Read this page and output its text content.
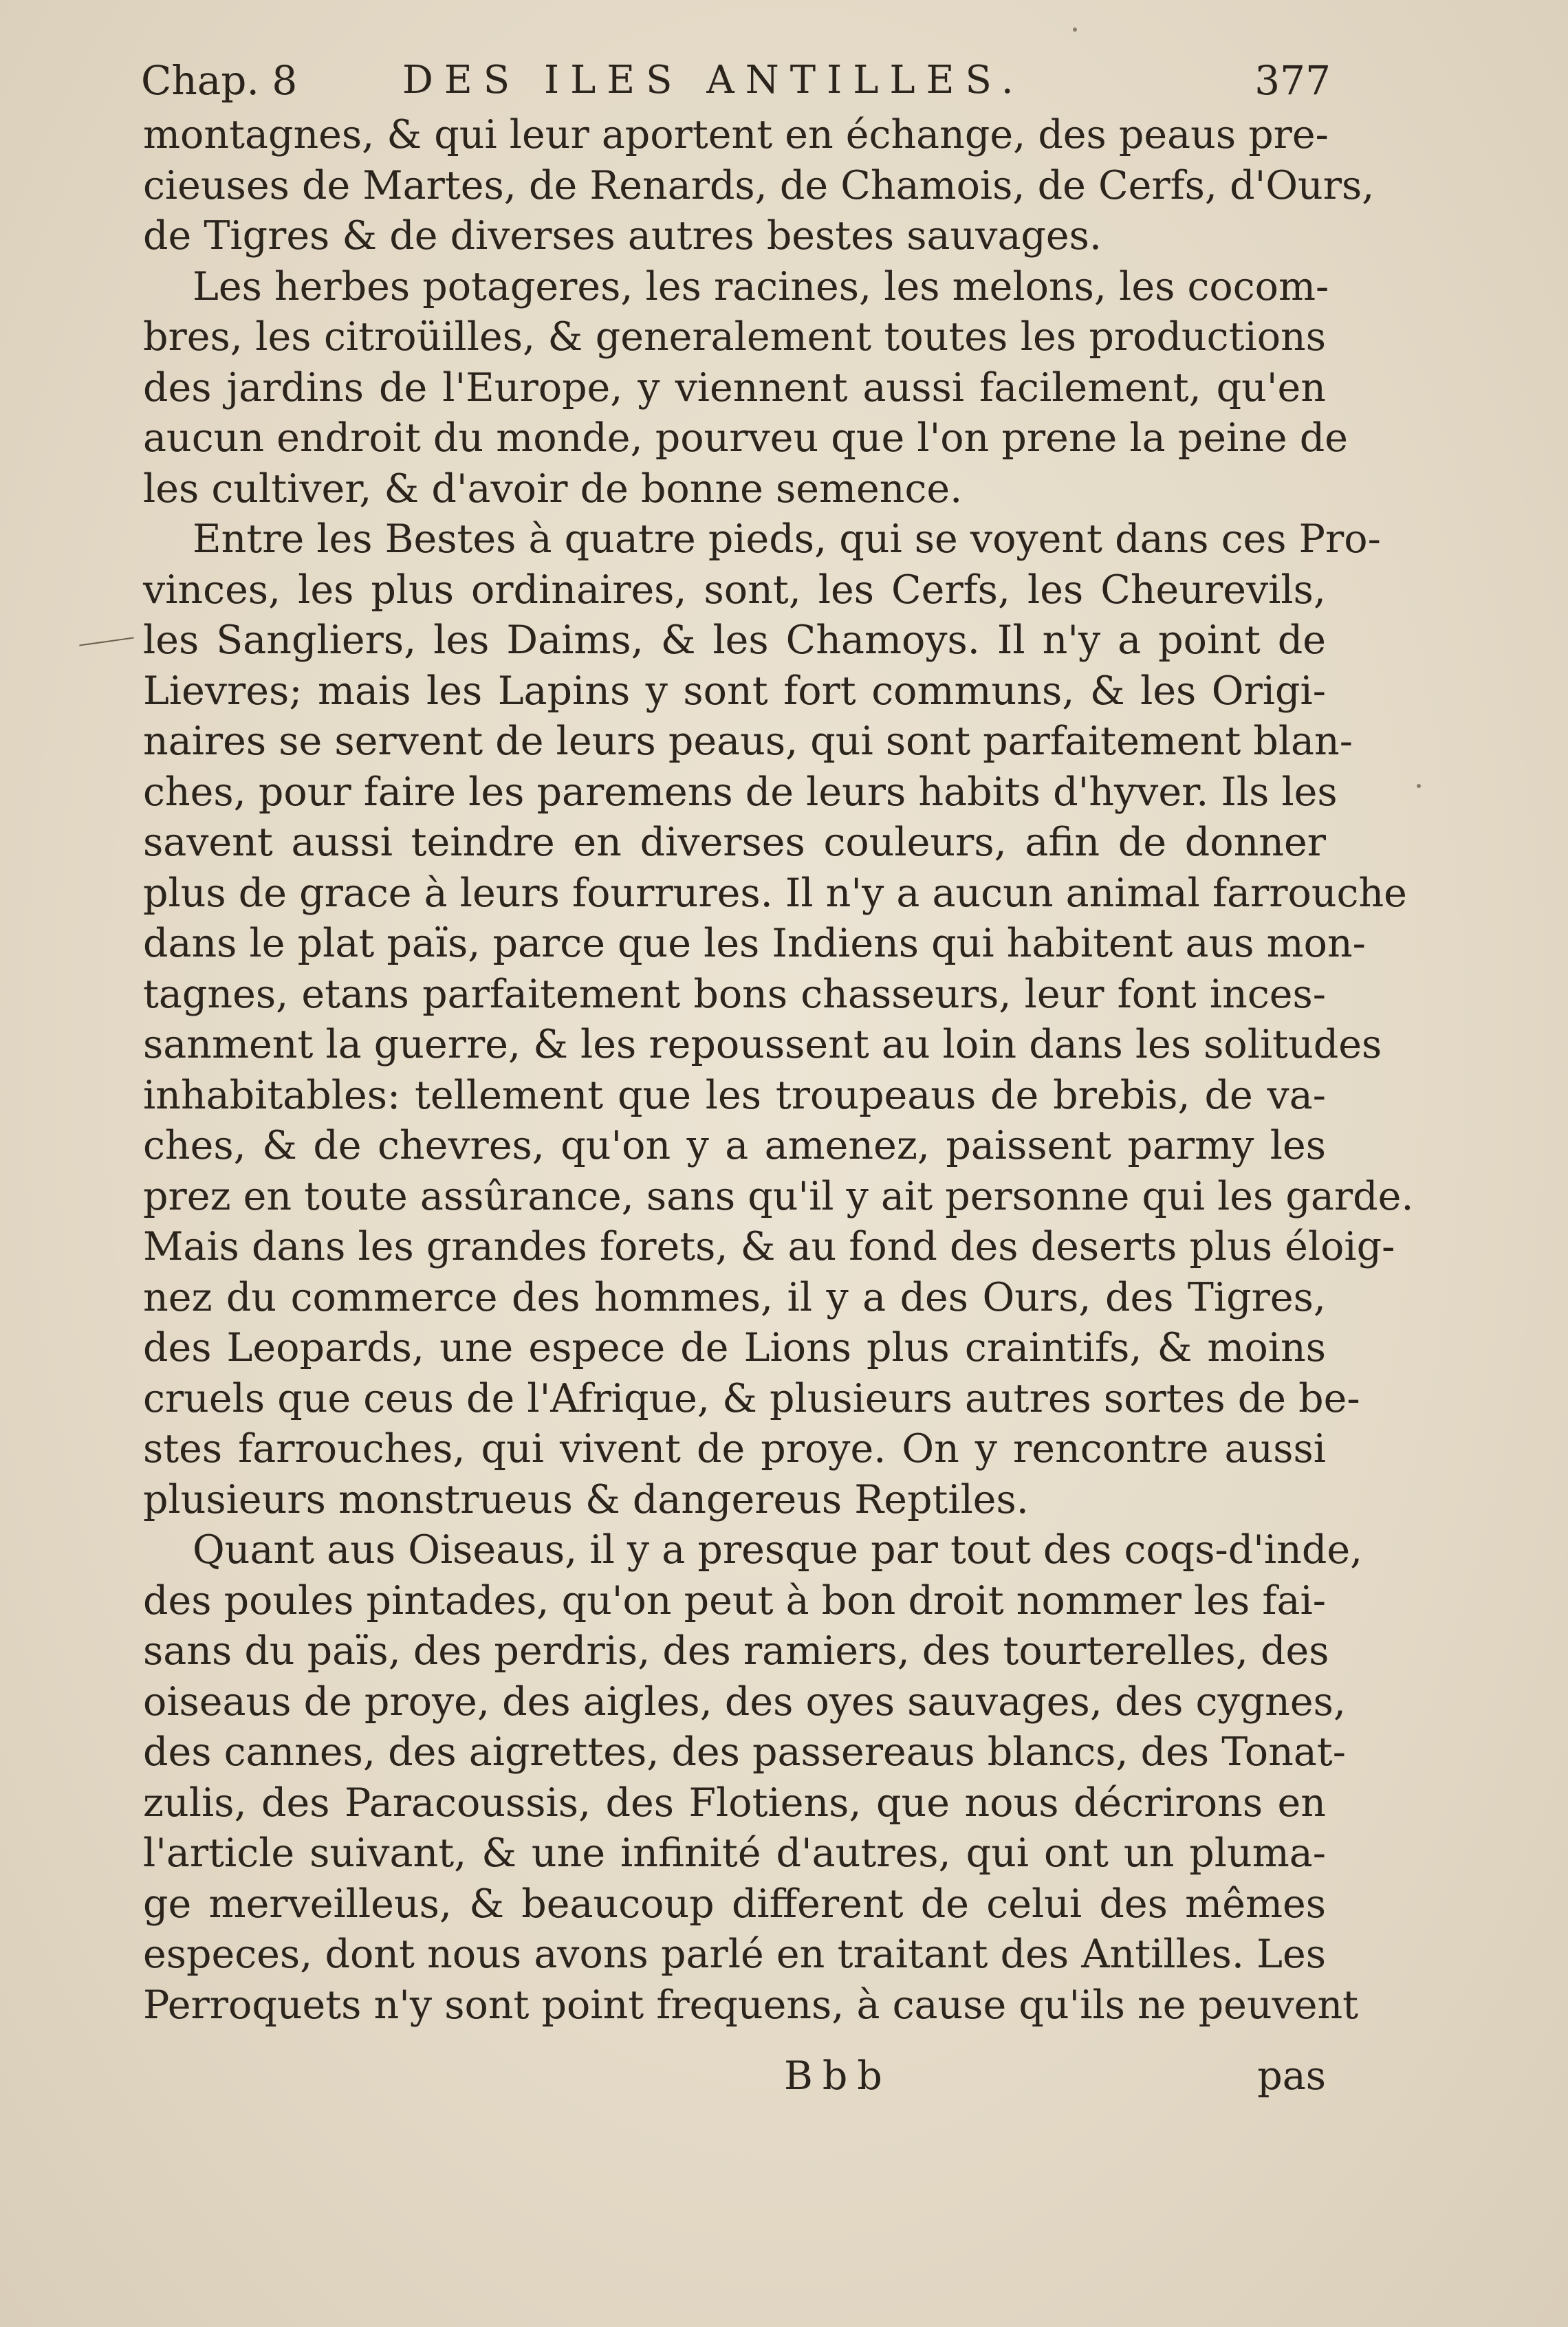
Chap. 8	DES ILES ANTILLES.	377
montagnes, & qui leur aportent en échange, des peaus pre -
cieuses de Martes, de Renards, de Chamois, de Cerfs, d'Ours,
de Tigres & de diverses autres bestes sauvages.
Les herbes potageres, les racines, les melons, les cocom -
bres, les citroüilles, & generalement toutes les productions
des jardins de l'Europe, y viennent aussi facilement, qu'en
aucun endroit du monde, pourveu que l'on prene la peine de
les cultiver, & d'avoir de bonne semence.
Entre les Bestes à quatre pieds, qui se voyent dans ces Pro -
vinces, les plus ordinaires, sont, les Cerfs, les Cheurevils,
les Sangliers, les Daims, & les Chamoys. Il n'y a point de
Lievres; mais les Lapins y sont fort communs, & les Origi -
naires se servent de leurs peaus, qui sont parfaitement blan -
ches, pour faire les paremens de leurs habits d'hyver. Ils les
savent aussi teindre en diverses couleurs, afin de donner
plus de grace à leurs fourrures. Il n'y a aucun animal farrouche
dans le plat païs, parce que les Indiens qui habitent aus mon -
tagnes, etans parfaitement bons chasseurs, leur font inces -
sanment la guerre, & les repoussent au loin dans les solitudes
inhabitables: tellement que les troupeaus de brebis, de va -
ches, & de chevres, qu'on y a amenez, paissent parmy les
prez en toute assûrance, sans qu'il y ait personne qui les garde.
Mais dans les grandes forets, & au fond des deserts plus éloig -
nez du commerce des hommes, il y a des Ours, des Tigres,
des Leopards, une espece de Lions plus craintifs, & moins
cruels que ceus de l'Afrique, & plusieurs autres sortes de be -
stes farrouches, qui vivent de proye. On y rencontre aussi
plusieurs monstrueus & dangereus Reptiles.
Quant aus Oiseaus, il y a presque par tout des coqs-d'inde,
des poules pintades, qu'on peut à bon droit nommer les fai -
sans du païs, des perdris, des ramiers, des tourterelles, des
oiseaus de proye, des aigles, des oyes sauvages, des cygnes,
des cannes, des aigrettes, des passereaus blancs, des Tonat -
zulis, des Paracoussis, des Flotiens, que nous décrirons en
l'article suivant, & une infinité d'autres, qui ont un pluma -
ge merveilleus, & beaucoup different de celui des mêmes
especes, dont nous avons parlé en traitant des Antilles. Les
Perroquets n'y sont point frequens, à cause qu'ils ne peuvent
Bbb	pas
